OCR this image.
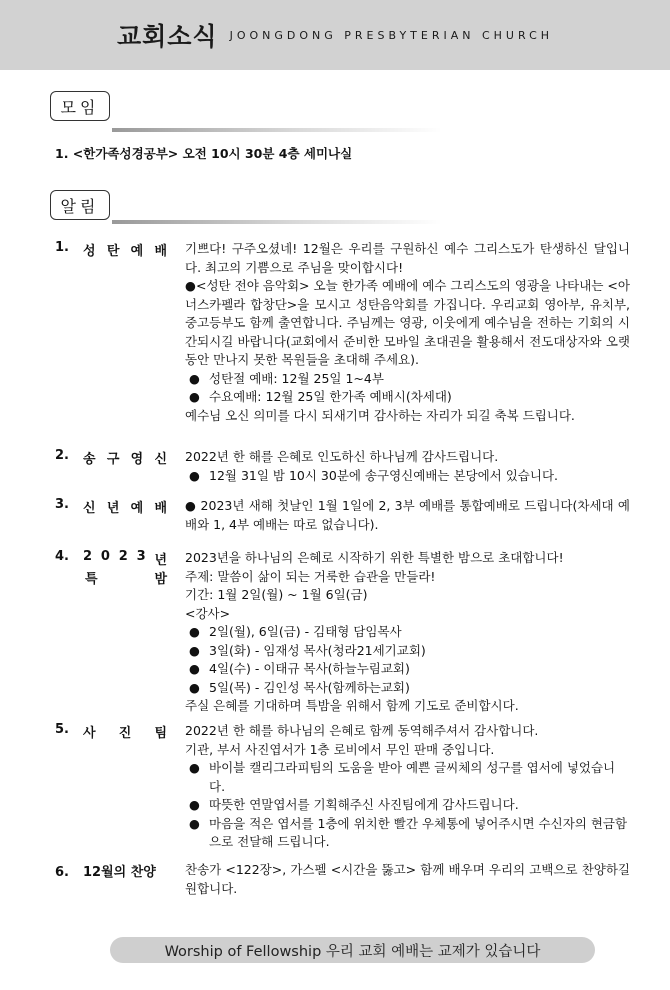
교회소식 JOONGDONG PRESBYTERIAN CHURCH
모임
1. <한가족성경공부> 오전 10시 30분 4층 세미나실
알림
1. 성 탄 예 배 기쁘다! 구주오셨네! 12월은 우리를 구원하신 예수 그리스도가 탄생하신 달입니다. 최고의 기쁨으로 주님을 맞이합시다!

●<성탄 전야 음악회> 오늘 한가족 예배에 예수 그리스도의 영광을 나타내는 <아너스카펠라 합창단>을 모시고 성탄음악회를 가집니다. 우리교회 영아부, 유치부, 중고등부도 함께 출연합니다. 주님께는 영광, 이웃에게 예수님을 전하는 기회의 시간되시길 바랍니다(교회에서 준비한 모바일 초대권을 활용해서 전도대상자와 오랫동안 만나지 못한 목원들을 초대해 주세요).

● 성탄절 예배: 12월 25일 1~4부
● 수요예배: 12월 25일 한가족 예배시(차세대)

예수님 오신 의미를 다시 되새기며 감사하는 자리가 되길 축복 드립니다.

2. 송 구 영 신 2022년 한 해를 은혜로 인도하신 하나님께 감사드립니다.

● 12월 31일 밤 10시 30분에 송구영신예배는 본당에서 있습니다.
3. 신 년 예 배 ● 2023년 새해 첫날인 1월 1일에 2, 3부 예배를 통합예배로 드립니다(차세대 예배와 1, 4부 예배는 따로 없습니다).

4. 2 0 2 3 년
특	밤

2023년을 하나님의 은혜로 시작하기 위한 특별한 밤으로 초대합니다!

주제: 말씀이 삶이 되는 거룩한 습관을 만들라!

기간: 1월 2일(월) ~ 1월 6일(금)

<강사>

● 2일(월), 6일(금) - 김태형 담임목사
● 3일(화) - 임재성 목사(청라21세기교회)
● 4일(수) - 이태규 목사(하늘누림교회)
● 5일(목) - 김인성 목사(함께하는교회)

주실 은혜를 기대하며 특밤을 위해서 함께 기도로 준비합시다.

5. 사 진 팀 2022년 한 해를 하나님의 은혜로 함께 동역해주셔서 감사합니다.

기관, 부서 사진엽서가 1층 로비에서 무인 판매 중입니다.

● 바이블 캘리그라피팀의 도움을 받아 예쁜 글씨체의 성구를 엽서에 넣었습니다.
● 따뜻한 연말엽서를 기획해주신 사진팀에게 감사드립니다.
● 마음을 적은 엽서를 1층에 위치한 빨간 우체통에 넣어주시면 수신자의 현금함으로 전달해 드립니다.
6. 12월의 찬양	찬송가 <122장>, 가스펠 <시간을 뚫고> 함께 배우며 우리의 고백으로 찬양하길 원합니다.

Worship of Fellowship 우리 교회 예배는 교제가 있습니다
